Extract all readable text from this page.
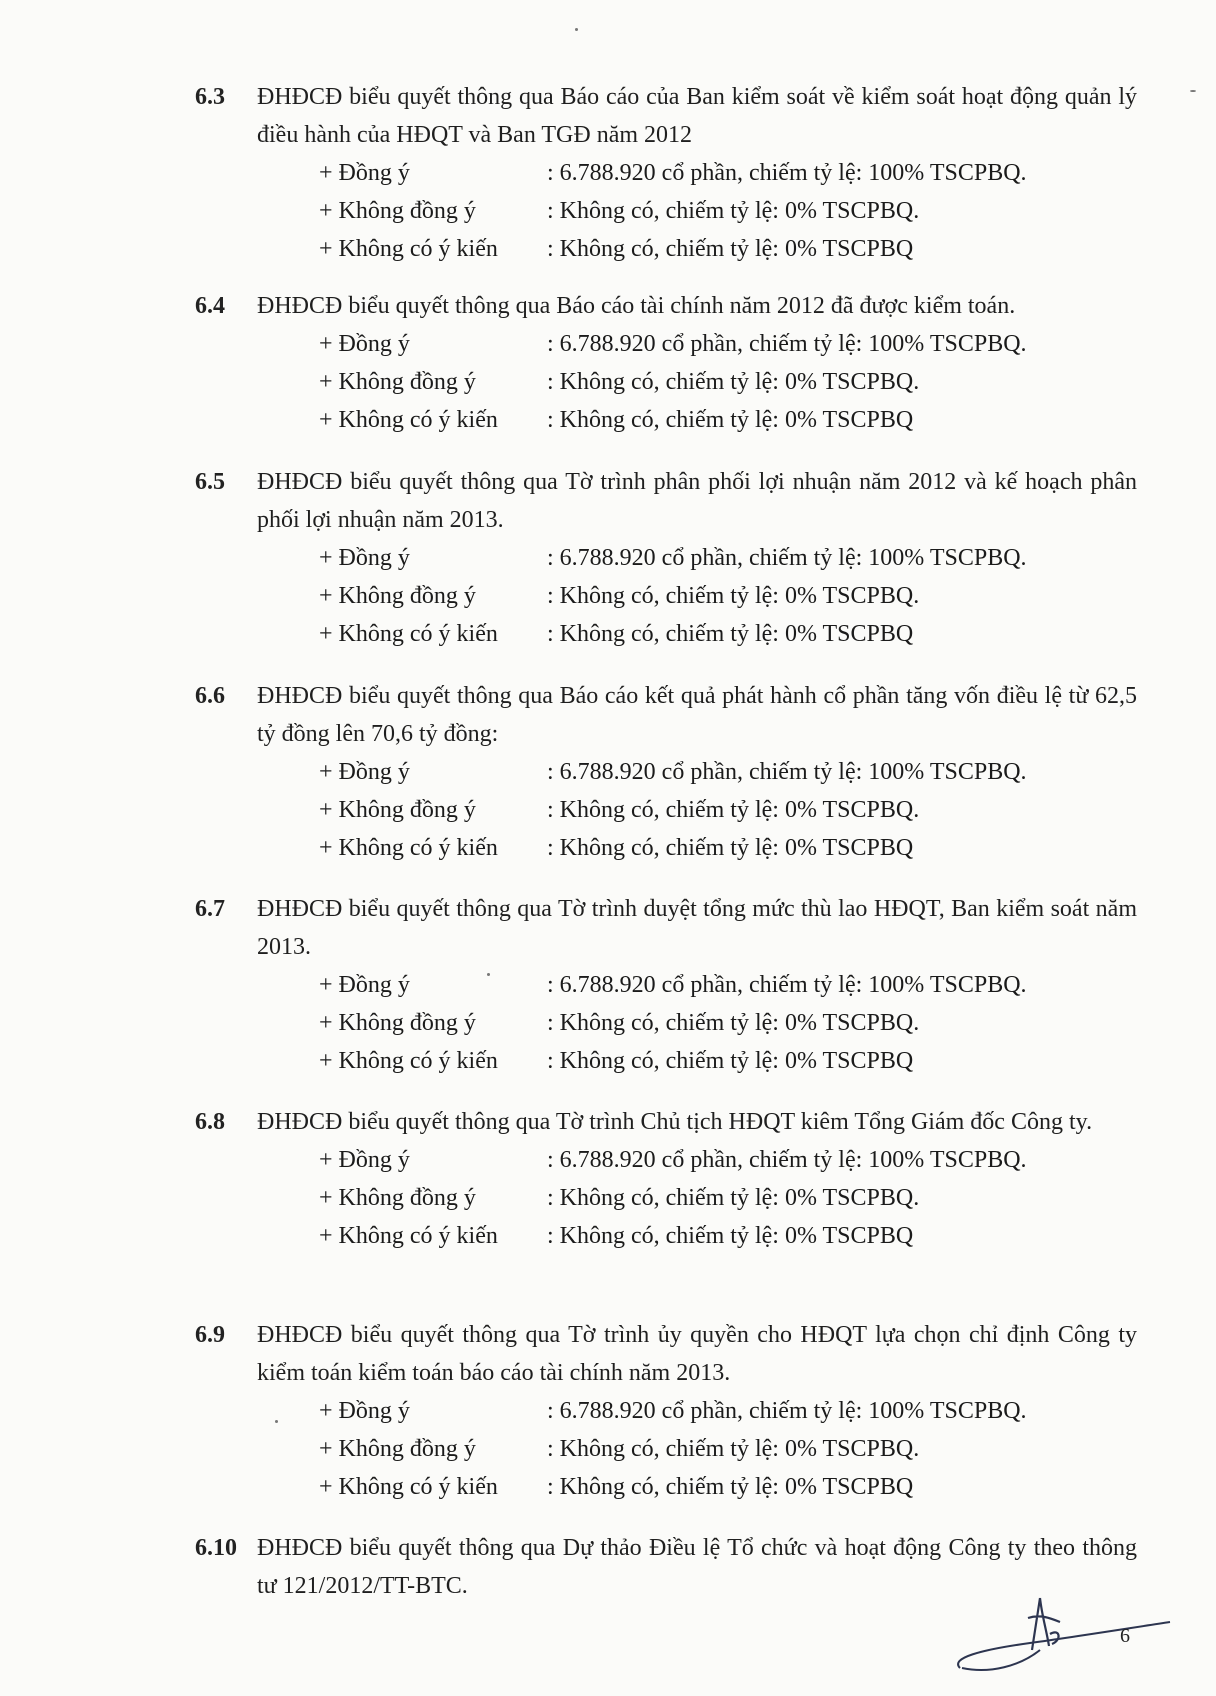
6.3	ĐHĐCĐ biểu quyết thông qua Báo cáo của Ban kiểm soát về kiểm soát hoạt động quản lý điều hành của HĐQT và Ban TGĐ năm 2012
+ Đồng ý	: 6.788.920 cổ phần, chiếm tỷ lệ: 100% TSCPBQ.
+ Không đồng ý	: Không có, chiếm tỷ lệ: 0% TSCPBQ.
+ Không có ý kiến	: Không có, chiếm tỷ lệ: 0% TSCPBQ
6.4	ĐHĐCĐ biểu quyết thông qua Báo cáo tài chính năm 2012 đã được kiểm toán.
+ Đồng ý	: 6.788.920 cổ phần, chiếm tỷ lệ: 100% TSCPBQ.
+ Không đồng ý	: Không có, chiếm tỷ lệ: 0% TSCPBQ.
+ Không có ý kiến	: Không có, chiếm tỷ lệ: 0% TSCPBQ
6.5	ĐHĐCĐ biểu quyết thông qua Tờ trình phân phối lợi nhuận năm 2012 và kế hoạch phân phối lợi nhuận năm 2013.
+ Đồng ý	: 6.788.920 cổ phần, chiếm tỷ lệ: 100% TSCPBQ.
+ Không đồng ý	: Không có, chiếm tỷ lệ: 0% TSCPBQ.
+ Không có ý kiến	: Không có, chiếm tỷ lệ: 0% TSCPBQ
6.6	ĐHĐCĐ biểu quyết thông qua Báo cáo kết quả phát hành cổ phần tăng vốn điều lệ từ 62,5 tỷ đồng lên 70,6 tỷ đồng:
+ Đồng ý	: 6.788.920 cổ phần, chiếm tỷ lệ: 100% TSCPBQ.
+ Không đồng ý	: Không có, chiếm tỷ lệ: 0% TSCPBQ.
+ Không có ý kiến	: Không có, chiếm tỷ lệ: 0% TSCPBQ
6.7	ĐHĐCĐ biểu quyết thông qua Tờ trình duyệt tổng mức thù lao HĐQT, Ban kiểm soát năm 2013.
+ Đồng ý	: 6.788.920 cổ phần, chiếm tỷ lệ: 100% TSCPBQ.
+ Không đồng ý	: Không có, chiếm tỷ lệ: 0% TSCPBQ.
+ Không có ý kiến	: Không có, chiếm tỷ lệ: 0% TSCPBQ
6.8	ĐHĐCĐ biểu quyết thông qua Tờ trình Chủ tịch HĐQT kiêm Tổng Giám đốc Công ty.
+ Đồng ý	: 6.788.920 cổ phần, chiếm tỷ lệ: 100% TSCPBQ.
+ Không đồng ý	: Không có, chiếm tỷ lệ: 0% TSCPBQ.
+ Không có ý kiến	: Không có, chiếm tỷ lệ: 0% TSCPBQ
6.9	ĐHĐCĐ biểu quyết thông qua Tờ trình ủy quyền cho HĐQT lựa chọn chỉ định Công ty kiểm toán kiểm toán báo cáo tài chính năm 2013.
+ Đồng ý	: 6.788.920 cổ phần, chiếm tỷ lệ: 100% TSCPBQ.
+ Không đồng ý	: Không có, chiếm tỷ lệ: 0% TSCPBQ.
+ Không có ý kiến	: Không có, chiếm tỷ lệ: 0% TSCPBQ
6.10 ĐHĐCĐ biểu quyết thông qua Dự thảo Điều lệ Tổ chức và hoạt động Công ty theo thông tư 121/2012/TT-BTC.
6
